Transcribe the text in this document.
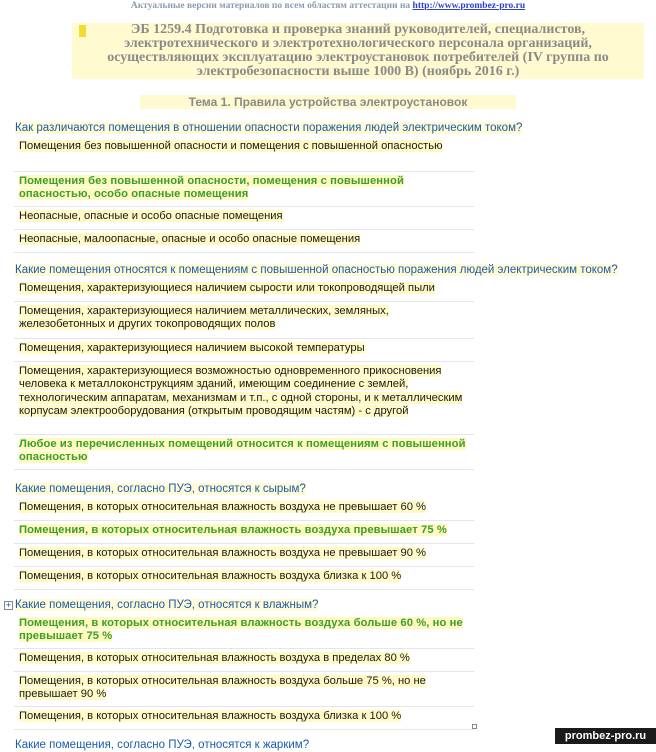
Актуальные версии материалов по всем областям аттестации на http://www.prombez-pro.ru
ЭБ 1259.4 Подготовка и проверка знаний руководителей, специалистов, электротехнического и электротехнологического персонала организаций, осуществляющих эксплуатацию электроустановок потребителей (IV группа по электробезопасности выше 1000 В) (ноябрь 2016 г.)
Тема 1. Правила устройства электроустановок
Как различаются помещения в отношении опасности поражения людей электрическим током?
Помещения без повышенной опасности и помещения с повышенной опасностью
Помещения без повышенной опасности, помещения с повышенной опасностью, особо опасные помещения
Неопасные, опасные и особо опасные помещения
Неопасные, малоопасные, опасные и особо опасные помещения
Какие помещения относятся к помещениям с повышенной опасностью поражения людей электрическим током?
Помещения, характеризующиеся наличием сырости или токопроводящей пыли
Помещения, характеризующиеся наличием металлических, земляных, железобетонных и других токопроводящих полов
Помещения, характеризующиеся наличием высокой температуры
Помещения, характеризующиеся возможностью одновременного прикосновения человека к металлоконструкциям зданий, имеющим соединение с землей, технологическим аппаратам, механизмам и т.п., с одной стороны, и к металлическим корпусам электрооборудования (открытым проводящим частям) - с другой
Любое из перечисленных помещений относится к помещениям с повышенной опасностью
Какие помещения, согласно ПУЭ, относятся к сырым?
Помещения, в которых относительная влажность воздуха не превышает 60 %
Помещения, в которых относительная влажность воздуха превышает 75 %
Помещения, в которых относительная влажность воздуха не превышает 90 %
Помещения, в которых относительная влажность воздуха близка к 100 %
+ Какие помещения, согласно ПУЭ, относятся к влажным?
Помещения, в которых относительная влажность воздуха больше 60 %, но не превышает 75 %
Помещения, в которых относительная влажность воздуха в пределах 80 %
Помещения, в которых относительная влажность воздуха больше 75 %, но не превышает 90 %
Помещения, в которых относительная влажность воздуха близка к 100 %
Какие помещения, согласно ПУЭ, относятся к жарким?
prombez-pro.ru
